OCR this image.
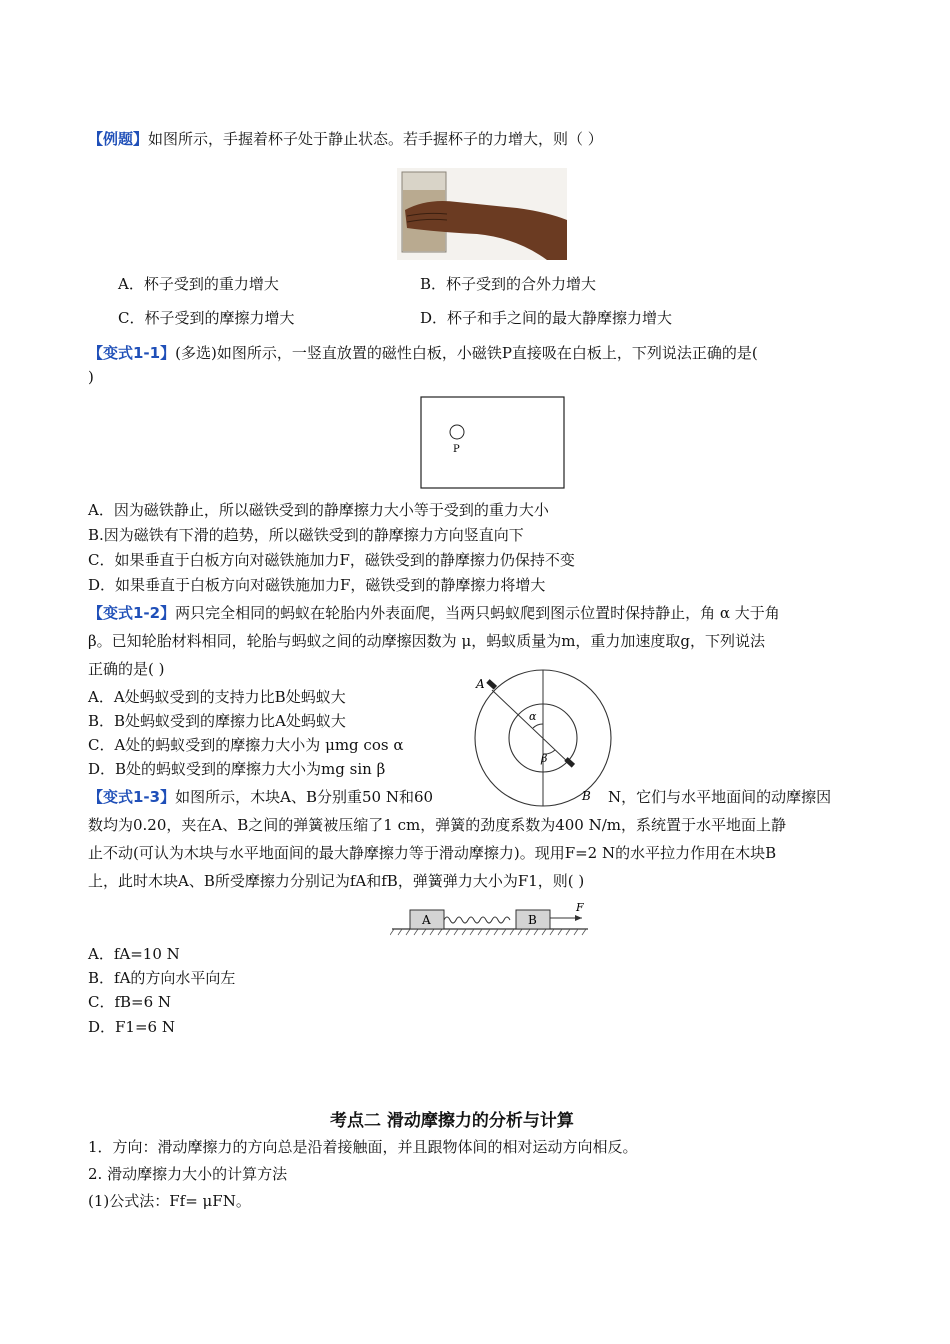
【例题】如图所示，手握着杯子处于静止状态。若手握杯子的力增大，则（ ）
A．杯子受到的重力增大	B．杯子受到的合外力增大
C．杯子受到的摩擦力增大	D．杯子和手之间的最大静摩擦力增大
【变式1-1】(多选)如图所示，一竖直放置的磁性白板，小磁铁P直接吸在白板上，下列说法正确的是(
)
P
A．因为磁铁静止，所以磁铁受到的静摩擦力大小等于受到的重力大小
B.因为磁铁有下滑的趋势，所以磁铁受到的静摩擦力方向竖直向下
C．如果垂直于白板方向对磁铁施加力F，磁铁受到的静摩擦力仍保持不变
D．如果垂直于白板方向对磁铁施加力F，磁铁受到的静摩擦力将增大
【变式1-2】两只完全相同的蚂蚁在轮胎内外表面爬，当两只蚂蚁爬到图示位置时保持静止，角 α 大于角
β。已知轮胎材料相同，轮胎与蚂蚁之间的动摩擦因数为 μ，蚂蚁质量为m，重力加速度取g，下列说法
正确的是( )
A．A处蚂蚁受到的支持力比B处蚂蚁大
B．B处蚂蚁受到的摩擦力比A处蚂蚁大
C．A处的蚂蚁受到的摩擦力大小为 μmg cos α
D．B处的蚂蚁受到的摩擦力大小为mg sin β
A
α
β
B
【变式1-3】如图所示，木块A、B分别重50 N和60	N，它们与水平地面间的动摩擦因
数均为0.20，夹在A、B之间的弹簧被压缩了1 cm，弹簧的劲度系数为400 N/m，系统置于水平地面上静
止不动(可认为木块与水平地面间的最大静摩擦力等于滑动摩擦力)。现用F=2 N的水平拉力作用在木块B
上，此时木块A、B所受摩擦力分别记为fA和fB，弹簧弹力大小为F1，则( )
A	B
F
A．fA=10 N
B．fA的方向水平向左
C．fB=6 N
D．F1=6 N
考点二 滑动摩擦力的分析与计算
1．方向：滑动摩擦力的方向总是沿着接触面，并且跟物体间的相对运动方向相反。
2. 滑动摩擦力大小的计算方法
(1)公式法：Ff= μFN。
